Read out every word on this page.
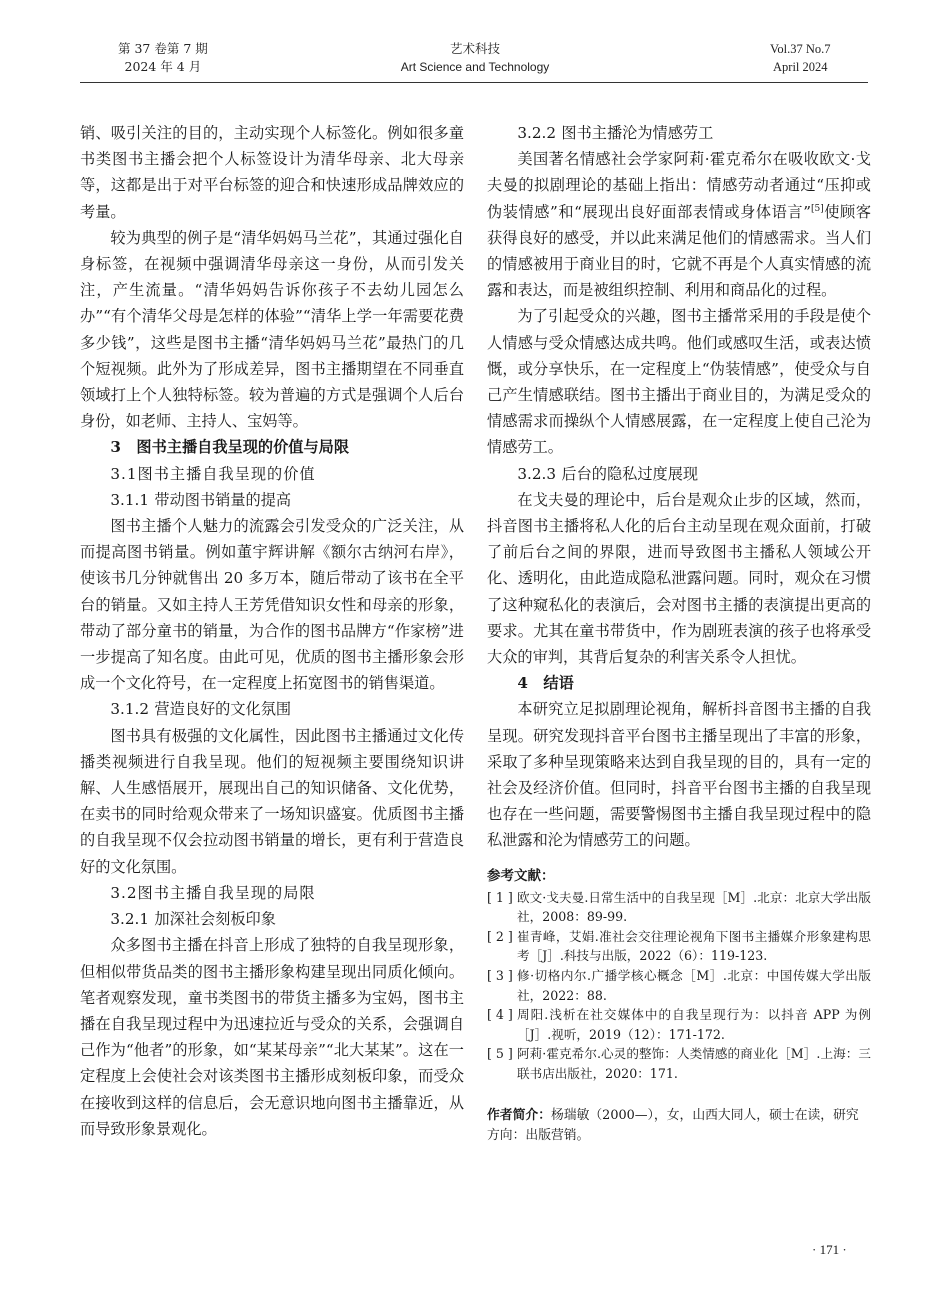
第 37 卷第 7 期
2024 年 4 月
艺术科技
Art Science and Technology
Vol.37 No.7
April 2024

销、吸引关注的目的，主动实现个人标签化。例如很多童书类图书主播会把个人标签设计为清华母亲、北大母亲等，这都是出于对平台标签的迎合和快速形成品牌效应的考量。

较为典型的例子是“清华妈妈马兰花”，其通过强化自身标签，在视频中强调清华母亲这一身份，从而引发关注，产生流量。“清华妈妈告诉你孩子不去幼儿园怎么办”“有个清华父母是怎样的体验”“清华上学一年需要花费多少钱”，这些是图书主播“清华妈妈马兰花”最热门的几个短视频。此外为了形成差异，图书主播期望在不同垂直领域打上个人独特标签。较为普遍的方式是强调个人后台身份，如老师、主持人、宝妈等。

3 图书主播自我呈现的价值与局限

3.1图书主播自我呈现的价值

3.1.1 带动图书销量的提高

图书主播个人魅力的流露会引发受众的广泛关注，从而提高图书销量。例如董宇辉讲解《额尔古纳河右岸》，使该书几分钟就售出 20 多万本，随后带动了该书在全平台的销量。又如主持人王芳凭借知识女性和母亲的形象，带动了部分童书的销量，为合作的图书品牌方“作家榜”进一步提高了知名度。由此可见，优质的图书主播形象会形成一个文化符号，在一定程度上拓宽图书的销售渠道。

3.1.2 营造良好的文化氛围

图书具有极强的文化属性，因此图书主播通过文化传播类视频进行自我呈现。他们的短视频主要围绕知识讲解、人生感悟展开，展现出自己的知识储备、文化优势，在卖书的同时给观众带来了一场知识盛宴。优质图书主播的自我呈现不仅会拉动图书销量的增长，更有利于营造良好的文化氛围。

3.2图书主播自我呈现的局限

3.2.1 加深社会刻板印象

众多图书主播在抖音上形成了独特的自我呈现形象，但相似带货品类的图书主播形象构建呈现出同质化倾向。笔者观察发现，童书类图书的带货主播多为宝妈，图书主播在自我呈现过程中为迅速拉近与受众的关系，会强调自己作为“他者”的形象，如“某某母亲”“北大某某”。这在一定程度上会使社会对该类图书主播形成刻板印象，而受众在接收到这样的信息后，会无意识地向图书主播靠近，从而导致形象景观化。

3.2.2 图书主播沦为情感劳工

美国著名情感社会学家阿莉·霍克希尔在吸收欧文·戈夫曼的拟剧理论的基础上指出：情感劳动者通过“压抑或伪装情感”和“展现出良好面部表情或身体语言”[5]使顾客获得良好的感受，并以此来满足他们的情感需求。当人们的情感被用于商业目的时，它就不再是个人真实情感的流露和表达，而是被组织控制、利用和商品化的过程。

为了引起受众的兴趣，图书主播常采用的手段是使个人情感与受众情感达成共鸣。他们或感叹生活，或表达愤慨，或分享快乐，在一定程度上“伪装情感”，使受众与自己产生情感联结。图书主播出于商业目的，为满足受众的情感需求而操纵个人情感展露，在一定程度上使自己沦为情感劳工。

3.2.3 后台的隐私过度展现

在戈夫曼的理论中，后台是观众止步的区域，然而，抖音图书主播将私人化的后台主动呈现在观众面前，打破了前后台之间的界限，进而导致图书主播私人领域公开化、透明化，由此造成隐私泄露问题。同时，观众在习惯了这种窥私化的表演后，会对图书主播的表演提出更高的要求。尤其在童书带货中，作为剧班表演的孩子也将承受大众的审判，其背后复杂的利害关系令人担忧。

4 结语

本研究立足拟剧理论视角，解析抖音图书主播的自我呈现。研究发现抖音平台图书主播呈现出了丰富的形象，采取了多种呈现策略来达到自我呈现的目的，具有一定的社会及经济价值。但同时，抖音平台图书主播的自我呈现也存在一些问题，需要警惕图书主播自我呈现过程中的隐私泄露和沦为情感劳工的问题。

参考文献：
[ 1 ] 欧文·戈夫曼.日常生活中的自我呈现［M］.北京：北京大学出版社，2008：89-99.
[ 2 ] 崔青峰，艾娟.准社会交往理论视角下图书主播媒介形象建构思考［J］.科技与出版，2022（6）：119-123.
[ 3 ] 修·切格内尔.广播学核心概念［M］.北京：中国传媒大学出版社，2022：88.
[ 4 ] 周阳.浅析在社交媒体中的自我呈现行为：以抖音 APP 为例［J］.视听，2019（12）：171-172.
[ 5 ] 阿莉·霍克希尔.心灵的整饰：人类情感的商业化［M］.上海：三联书店出版社，2020：171.
作者简介：杨瑞敏（2000—），女，山西大同人，硕士在读，研究方向：出版营销。
· 171 ·
